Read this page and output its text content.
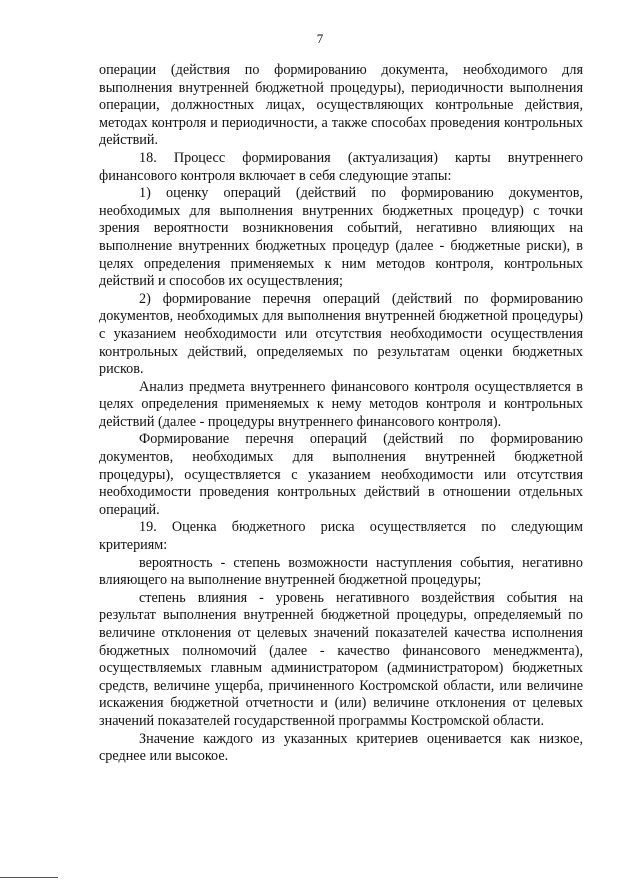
7

операции (действия по формированию документа, необходимого для выполнения внутренней бюджетной процедуры), периодичности выполнения операции, должностных лицах, осуществляющих контрольные действия, методах контроля и периодичности, а также способах проведения контрольных действий.

18. Процесс формирования (актуализация) карты внутреннего финансового контроля включает в себя следующие этапы:

1) оценку операций (действий по формированию документов, необходимых для выполнения внутренних бюджетных процедур) с точки зрения вероятности возникновения событий, негативно влияющих на выполнение внутренних бюджетных процедур (далее - бюджетные риски), в целях определения применяемых к ним методов контроля, контрольных действий и способов их осуществления;

2) формирование перечня операций (действий по формированию документов, необходимых для выполнения внутренней бюджетной процедуры) с указанием необходимости или отсутствия необходимости осуществления контрольных действий, определяемых по результатам оценки бюджетных рисков.

Анализ предмета внутреннего финансового контроля осуществляется в целях определения применяемых к нему методов контроля и контрольных действий (далее - процедуры внутреннего финансового контроля).

Формирование перечня операций (действий по формированию документов, необходимых для выполнения внутренней бюджетной процедуры), осуществляется с указанием необходимости или отсутствия необходимости проведения контрольных действий в отношении отдельных операций.

19. Оценка бюджетного риска осуществляется по следующим критериям:

вероятность - степень возможности наступления события, негативно влияющего на выполнение внутренней бюджетной процедуры;

степень влияния - уровень негативного воздействия события на результат выполнения внутренней бюджетной процедуры, определяемый по величине отклонения от целевых значений показателей качества исполнения бюджетных полномочий (далее - качество финансового менеджмента), осуществляемых главным администратором (администратором) бюджетных средств, величине ущерба, причиненного Костромской области, или величине искажения бюджетной отчетности и (или) величине отклонения от целевых значений показателей государственной программы Костромской области.

Значение каждого из указанных критериев оценивается как низкое, среднее или высокое.
